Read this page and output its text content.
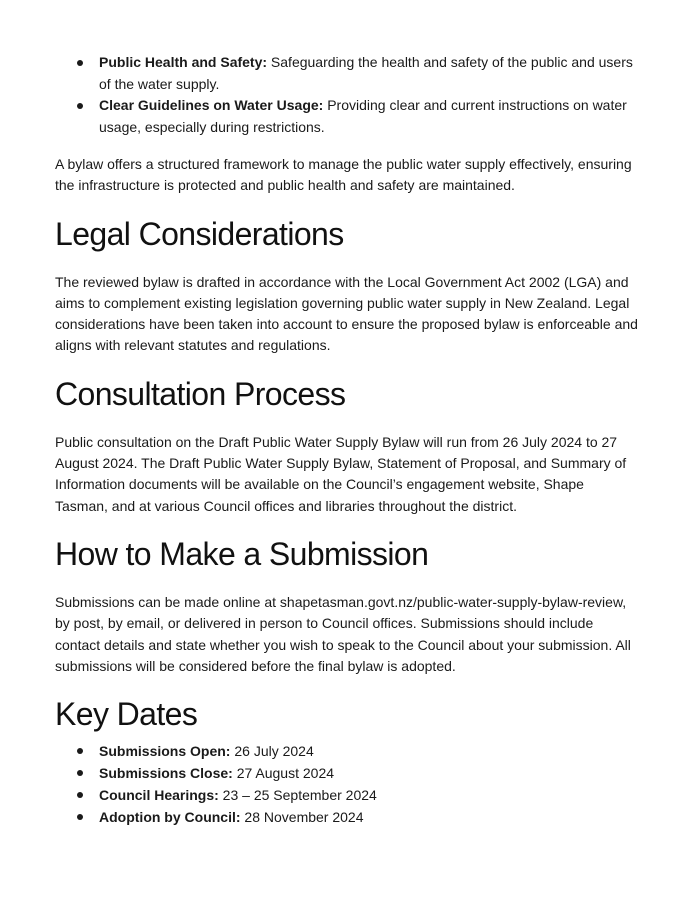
Public Health and Safety: Safeguarding the health and safety of the public and users of the water supply.
Clear Guidelines on Water Usage: Providing clear and current instructions on water usage, especially during restrictions.

A bylaw offers a structured framework to manage the public water supply effectively, ensuring the infrastructure is protected and public health and safety are maintained.

Legal Considerations

The reviewed bylaw is drafted in accordance with the Local Government Act 2002 (LGA) and aims to complement existing legislation governing public water supply in New Zealand. Legal considerations have been taken into account to ensure the proposed bylaw is enforceable and aligns with relevant statutes and regulations.

Consultation Process

Public consultation on the Draft Public Water Supply Bylaw will run from 26 July 2024 to 27 August 2024. The Draft Public Water Supply Bylaw, Statement of Proposal, and Summary of Information documents will be available on the Council’s engagement website, Shape Tasman, and at various Council offices and libraries throughout the district.

How to Make a Submission

Submissions can be made online at shapetasman.govt.nz/public-water-supply-bylaw-review, by post, by email, or delivered in person to Council offices. Submissions should include contact details and state whether you wish to speak to the Council about your submission. All submissions will be considered before the final bylaw is adopted.

Key Dates
Submissions Open: 26 July 2024
Submissions Close: 27 August 2024
Council Hearings: 23 – 25 September 2024
Adoption by Council: 28 November 2024
